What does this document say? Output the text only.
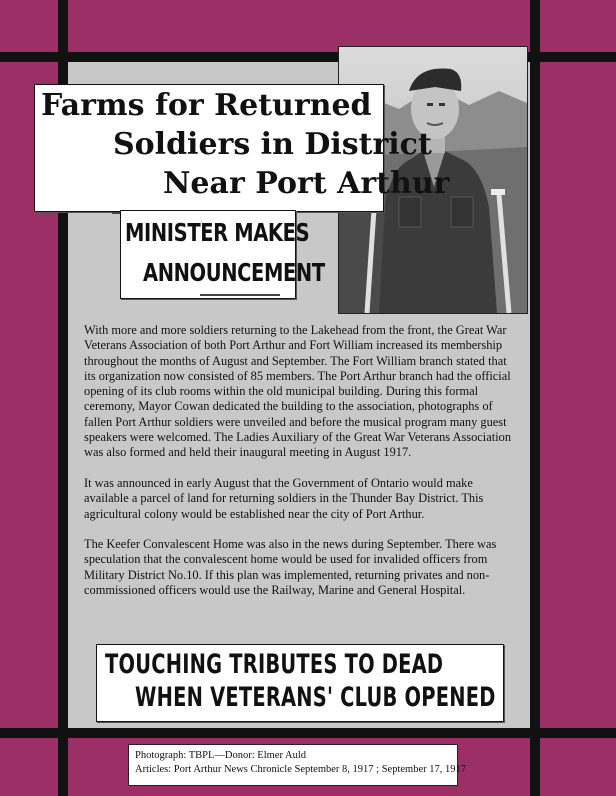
Farms for Returned
Soldiers in District
Near Port Arthur
MINISTER MAKES
ANNOUNCEMENT

With more and more soldiers returning to the Lakehead from the front, the Great War Veterans Association of both Port Arthur and Fort William increased its membership throughout the months of August and September. The Fort William branch stated that its organization now consisted of 85 members. The Port Arthur branch had the official opening of its club rooms within the old municipal building. During this formal ceremony, Mayor Cowan dedicated the building to the association, photographs of fallen Port Arthur soldiers were unveiled and before the musical program many guest speakers were welcomed. The Ladies Auxiliary of the Great War Veterans Association was also formed and held their inaugural meeting in August 1917.

It was announced in early August that the Government of Ontario would make available a parcel of land for returning soldiers in the Thunder Bay District. This agricultural colony would be established near the city of Port Arthur.

The Keefer Convalescent Home was also in the news during September. There was speculation that the convalescent home would be used for invalided officers from Military District No.10. If this plan was implemented, returning privates and non-commissioned officers would use the Railway, Marine and General Hospital.

TOUCHING TRIBUTES TO DEAD
WHEN VETERANS' CLUB OPENED
Photograph: TBPL—Donor: Elmer Auld
Articles: Port Arthur News Chronicle September 8, 1917 ; September 17, 1917
